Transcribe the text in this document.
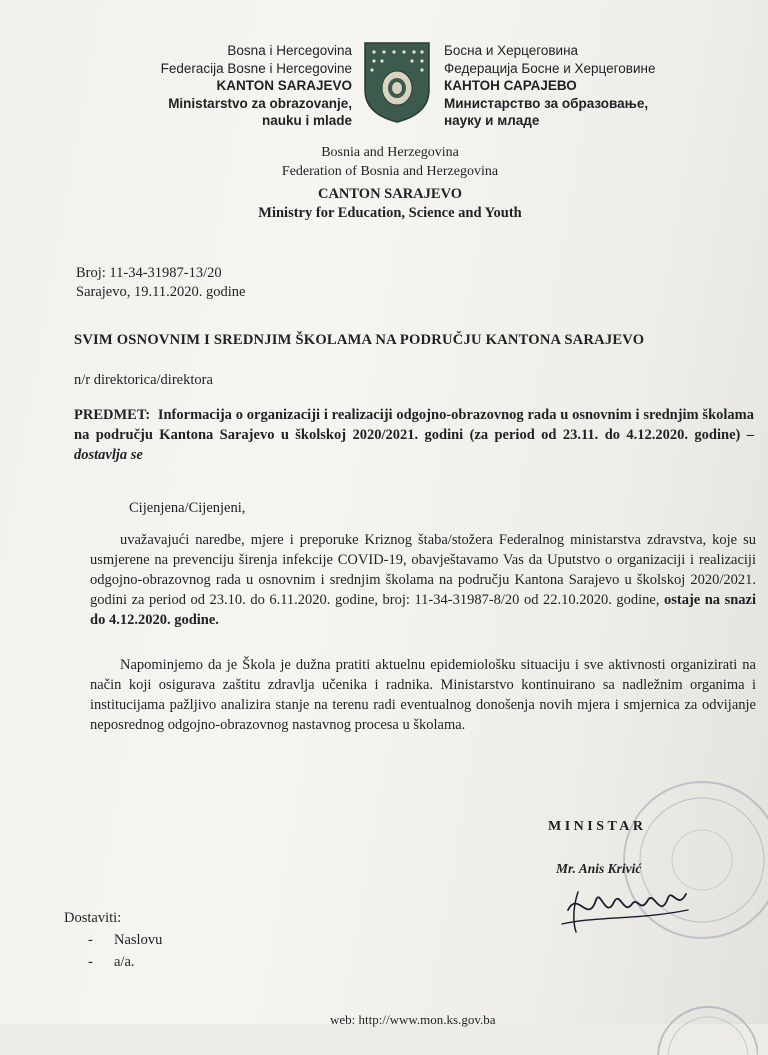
Bosna i Hercegovina
Federacija Bosne i Hercegovine
KANTON SARAJEVO
Ministarstvo za obrazovanje,
nauku i mlade
Босна и Херцеговина
Федерација Босне и Херцеговине
КАНТОН САРАЈЕВО
Министарство за образовање,
науку и младе
Bosnia and Herzegovina
Federation of Bosnia and Herzegovina
CANTON SARAJEVO
Ministry for Education, Science and Youth
Broj: 11-34-31987-13/20
Sarajevo, 19.11.2020. godine
SVIM OSNOVNIM I SREDNJIM ŠKOLAMA NA PODRUČJU KANTONA SARAJEVO
n/r direktorica/direktora
PREDMET: Informacija o organizaciji i realizaciji odgojno-obrazovnog rada u osnovnim i srednjim školama na području Kantona Sarajevo u školskoj 2020/2021. godini (za period od 23.11. do 4.12.2020. godine) – dostavlja se
Cijenjena/Cijenjeni,

uvažavajući naredbe, mjere i preporuke Kriznog štaba/stožera Federalnog ministarstva zdravstva, koje su usmjerene na prevenciju širenja infekcije COVID-19, obavještavamo Vas da Uputstvo o organizaciji i realizaciji odgojno-obrazovnog rada u osnovnim i srednjim školama na području Kantona Sarajevo u školskoj 2020/2021. godini za period od 23.10. do 6.11.2020. godine, broj: 11-34-31987-8/20 od 22.10.2020. godine, ostaje na snazi do 4.12.2020. godine.

Napominjemo da je Škola je dužna pratiti aktuelnu epidemiološku situaciju i sve aktivnosti organizirati na način koji osigurava zaštitu zdravlja učenika i radnika. Ministarstvo kontinuirano sa nadležnim organima i institucijama pažljivo analizira stanje na terenu radi eventualnog donošenja novih mjera i smjernica za odvijanje neposrednog odgojno-obrazovnog nastavnog procesa u školama.

MINISTAR
Mr. Anis Krivić
Dostaviti:
- Naslovu
- a/a.
web: http://www.mon.ks.gov.ba
